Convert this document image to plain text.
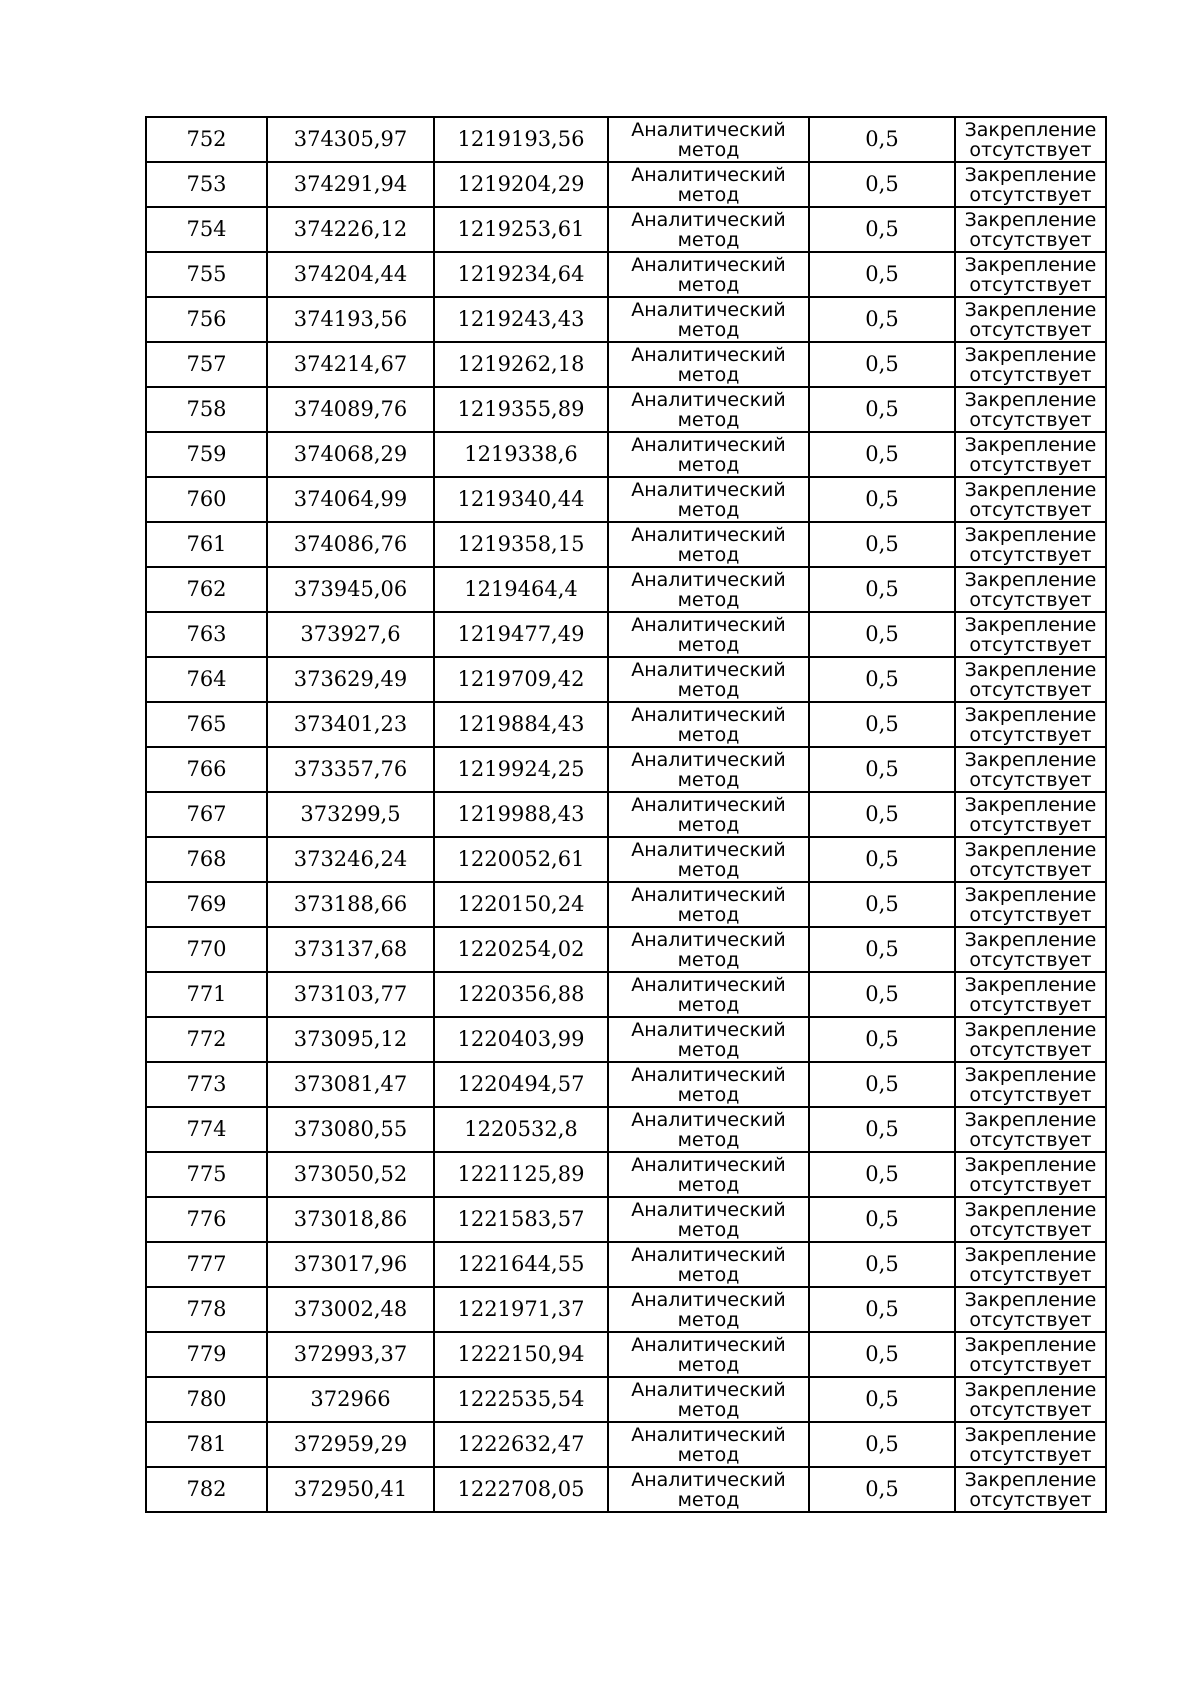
752	374305,97	1219193,56	Аналитический
метод	0,5	Закрепление
отсутствует

753	374291,94	1219204,29	Аналитический
метод	0,5	Закрепление
отсутствует

754	374226,12	1219253,61	Аналитический
метод	0,5	Закрепление
отсутствует

755	374204,44	1219234,64	Аналитический
метод	0,5	Закрепление
отсутствует

756	374193,56	1219243,43	Аналитический
метод	0,5	Закрепление
отсутствует

757	374214,67	1219262,18	Аналитический
метод	0,5	Закрепление
отсутствует

758	374089,76	1219355,89	Аналитический
метод	0,5	Закрепление
отсутствует

759	374068,29	1219338,6	Аналитический
метод	0,5	Закрепление
отсутствует

760	374064,99	1219340,44	Аналитический
метод	0,5	Закрепление
отсутствует

761	374086,76	1219358,15	Аналитический
метод	0,5	Закрепление
отсутствует

762	373945,06	1219464,4	Аналитический
метод	0,5	Закрепление
отсутствует

763	373927,6	1219477,49	Аналитический
метод	0,5	Закрепление
отсутствует

764	373629,49	1219709,42	Аналитический
метод	0,5	Закрепление
отсутствует

765	373401,23	1219884,43	Аналитический
метод	0,5	Закрепление
отсутствует

766	373357,76	1219924,25	Аналитический
метод	0,5	Закрепление
отсутствует

767	373299,5	1219988,43	Аналитический
метод	0,5	Закрепление
отсутствует

768	373246,24	1220052,61	Аналитический
метод	0,5	Закрепление
отсутствует

769	373188,66	1220150,24	Аналитический
метод	0,5	Закрепление
отсутствует

770	373137,68	1220254,02	Аналитический
метод	0,5	Закрепление
отсутствует

771	373103,77	1220356,88	Аналитический
метод	0,5	Закрепление
отсутствует

772	373095,12	1220403,99	Аналитический
метод	0,5	Закрепление
отсутствует

773	373081,47	1220494,57	Аналитический
метод	0,5	Закрепление
отсутствует

774	373080,55	1220532,8	Аналитический
метод	0,5	Закрепление
отсутствует

775	373050,52	1221125,89	Аналитический
метод	0,5	Закрепление
отсутствует

776	373018,86	1221583,57	Аналитический
метод	0,5	Закрепление
отсутствует

777	373017,96	1221644,55	Аналитический
метод	0,5	Закрепление
отсутствует

778	373002,48	1221971,37	Аналитический
метод	0,5	Закрепление
отсутствует

779	372993,37	1222150,94	Аналитический
метод	0,5	Закрепление
отсутствует

780	372966	1222535,54	Аналитический
метод	0,5	Закрепление
отсутствует

781	372959,29	1222632,47	Аналитический
метод	0,5	Закрепление
отсутствует

782	372950,41	1222708,05	Аналитический
метод	0,5	Закрепление
отсутствует
